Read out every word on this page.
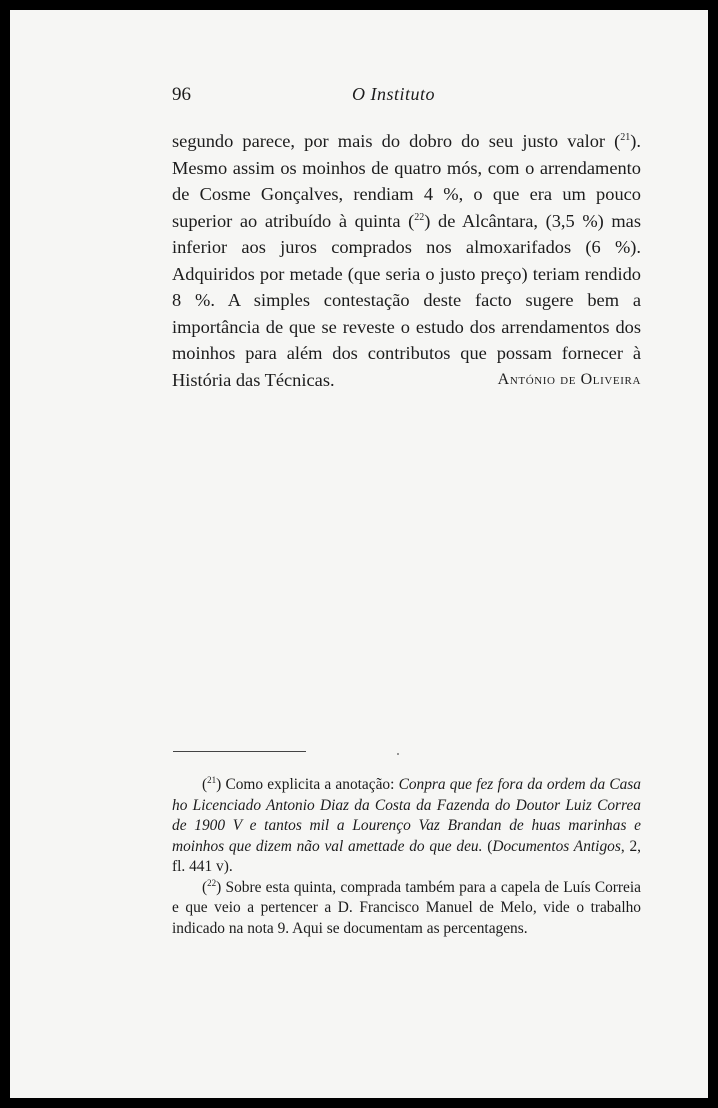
96	O Instituto

segundo parece, por mais do dobro do seu justo valor ($^{21}$). Mesmo assim os moinhos de quatro mós, com o arrendamento de Cosme Gonçalves, rendiam 4 %, o que era um pouco superior ao atribuído à quinta ($^{22}$) de Alcântara, (3,5 %) mas inferior aos juros comprados nos almoxarifados (6 %). Adquiridos por metade (que seria o justo preço) teriam rendido 8 %. A simples contestação deste facto sugere bem a importância de que se reveste o estudo dos arrendamentos dos moinhos para além dos contributos que possam fornecer à História das Técnicas.	António de Oliveira

($^{21}$) Como explicita a anotação: Conpra que fez fora da ordem da Casa ho Licenciado Antonio Diaz da Costa da Fazenda do Doutor Luiz Correa de 1900 V e tantos mil a Lourenço Vaz Brandan de huas marinhas e moinhos que dizem não val amettade do que deu. (Documentos Antigos, 2, fl. 441 v).

($^{22}$) Sobre esta quinta, comprada também para a capela de Luís Correia e que veio a pertencer a D. Francisco Manuel de Melo, vide o trabalho indicado na nota 9. Aqui se documentam as percentagens.
